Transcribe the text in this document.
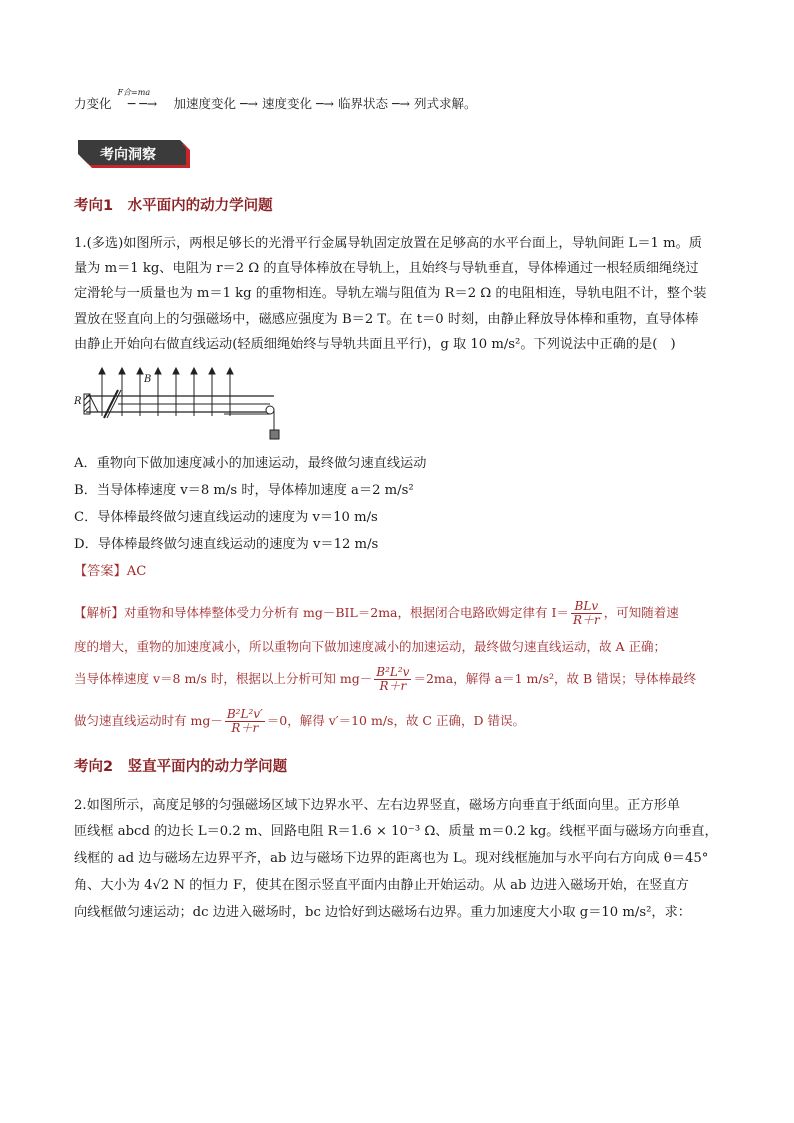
力变化
F合=ma
─ ─→ 加速度变化 ─→ 速度变化 ─→ 临界状态 ─→ 列式求解。
考向洞察
考向1　水平面内的动力学问题
1.(多选)如图所示，两根足够长的光滑平行金属导轨固定放置在足够高的水平台面上，导轨间距 L＝1 m。质
量为 m＝1 kg、电阻为 r＝2 Ω 的直导体棒放在导轨上，且始终与导轨垂直，导体棒通过一根轻质细绳绕过
定滑轮与一质量也为 m＝1 kg 的重物相连。导轨左端与阻值为 R＝2 Ω 的电阻相连，导轨电阻不计，整个装
置放在竖直向上的匀强磁场中，磁感应强度为 B＝2 T。在 t＝0 时刻，由静止释放导体棒和重物，直导体棒
由静止开始向右做直线运动(轻质细绳始终与导轨共面且平行)，g 取 10 m/s²。下列说法中正确的是(　)
R
B
A．重物向下做加速度减小的加速运动，最终做匀速直线运动
B．当导体棒速度 v＝8 m/s 时，导体棒加速度 a＝2 m/s²
C．导体棒最终做匀速直线运动的速度为 v＝10 m/s
D．导体棒最终做匀速直线运动的速度为 v＝12 m/s
【答案】AC
【解析】对重物和导体棒整体受力分析有 mg－BIL＝2ma，根据闭合电路欧姆定律有 $I= \frac{\text{BLv}}{R+r}$ ，可知随着速
度的增大，重物的加速度减小，所以重物向下做加速度减小的加速运动，最终做匀速直线运动，故 A 正确；
当导体棒速度 v＝8 m/s 时，根据以上分析可知 $mg- \frac{\text{B²L²v}}{R+r} =2ma$，解得 a＝1 m/s²，故 B 错误；导体棒最终
做匀速直线运动时有 $mg- \frac{\text{B²L²v′}}{R+r} =0$，解得 v′＝10 m/s，故 C 正确，D 错误。
考向2　竖直平面内的动力学问题
2.如图所示，高度足够的匀强磁场区域下边界水平、左右边界竖直，磁场方向垂直于纸面向里。正方形单
匝线框 abcd 的边长 L＝0.2 m、回路电阻 R＝1.6 × 10⁻³ Ω、质量 m＝0.2 kg。线框平面与磁场方向垂直，
线框的 ad 边与磁场左边界平齐，ab 边与磁场下边界的距离也为 L。现对线框施加与水平向右方向成 θ＝45°
角、大小为 4√2 N 的恒力 F，使其在图示竖直平面内由静止开始运动。从 ab 边进入磁场开始，在竖直方
向线框做匀速运动；dc 边进入磁场时，bc 边恰好到达磁场右边界。重力加速度大小取 g＝10 m/s²，求：
